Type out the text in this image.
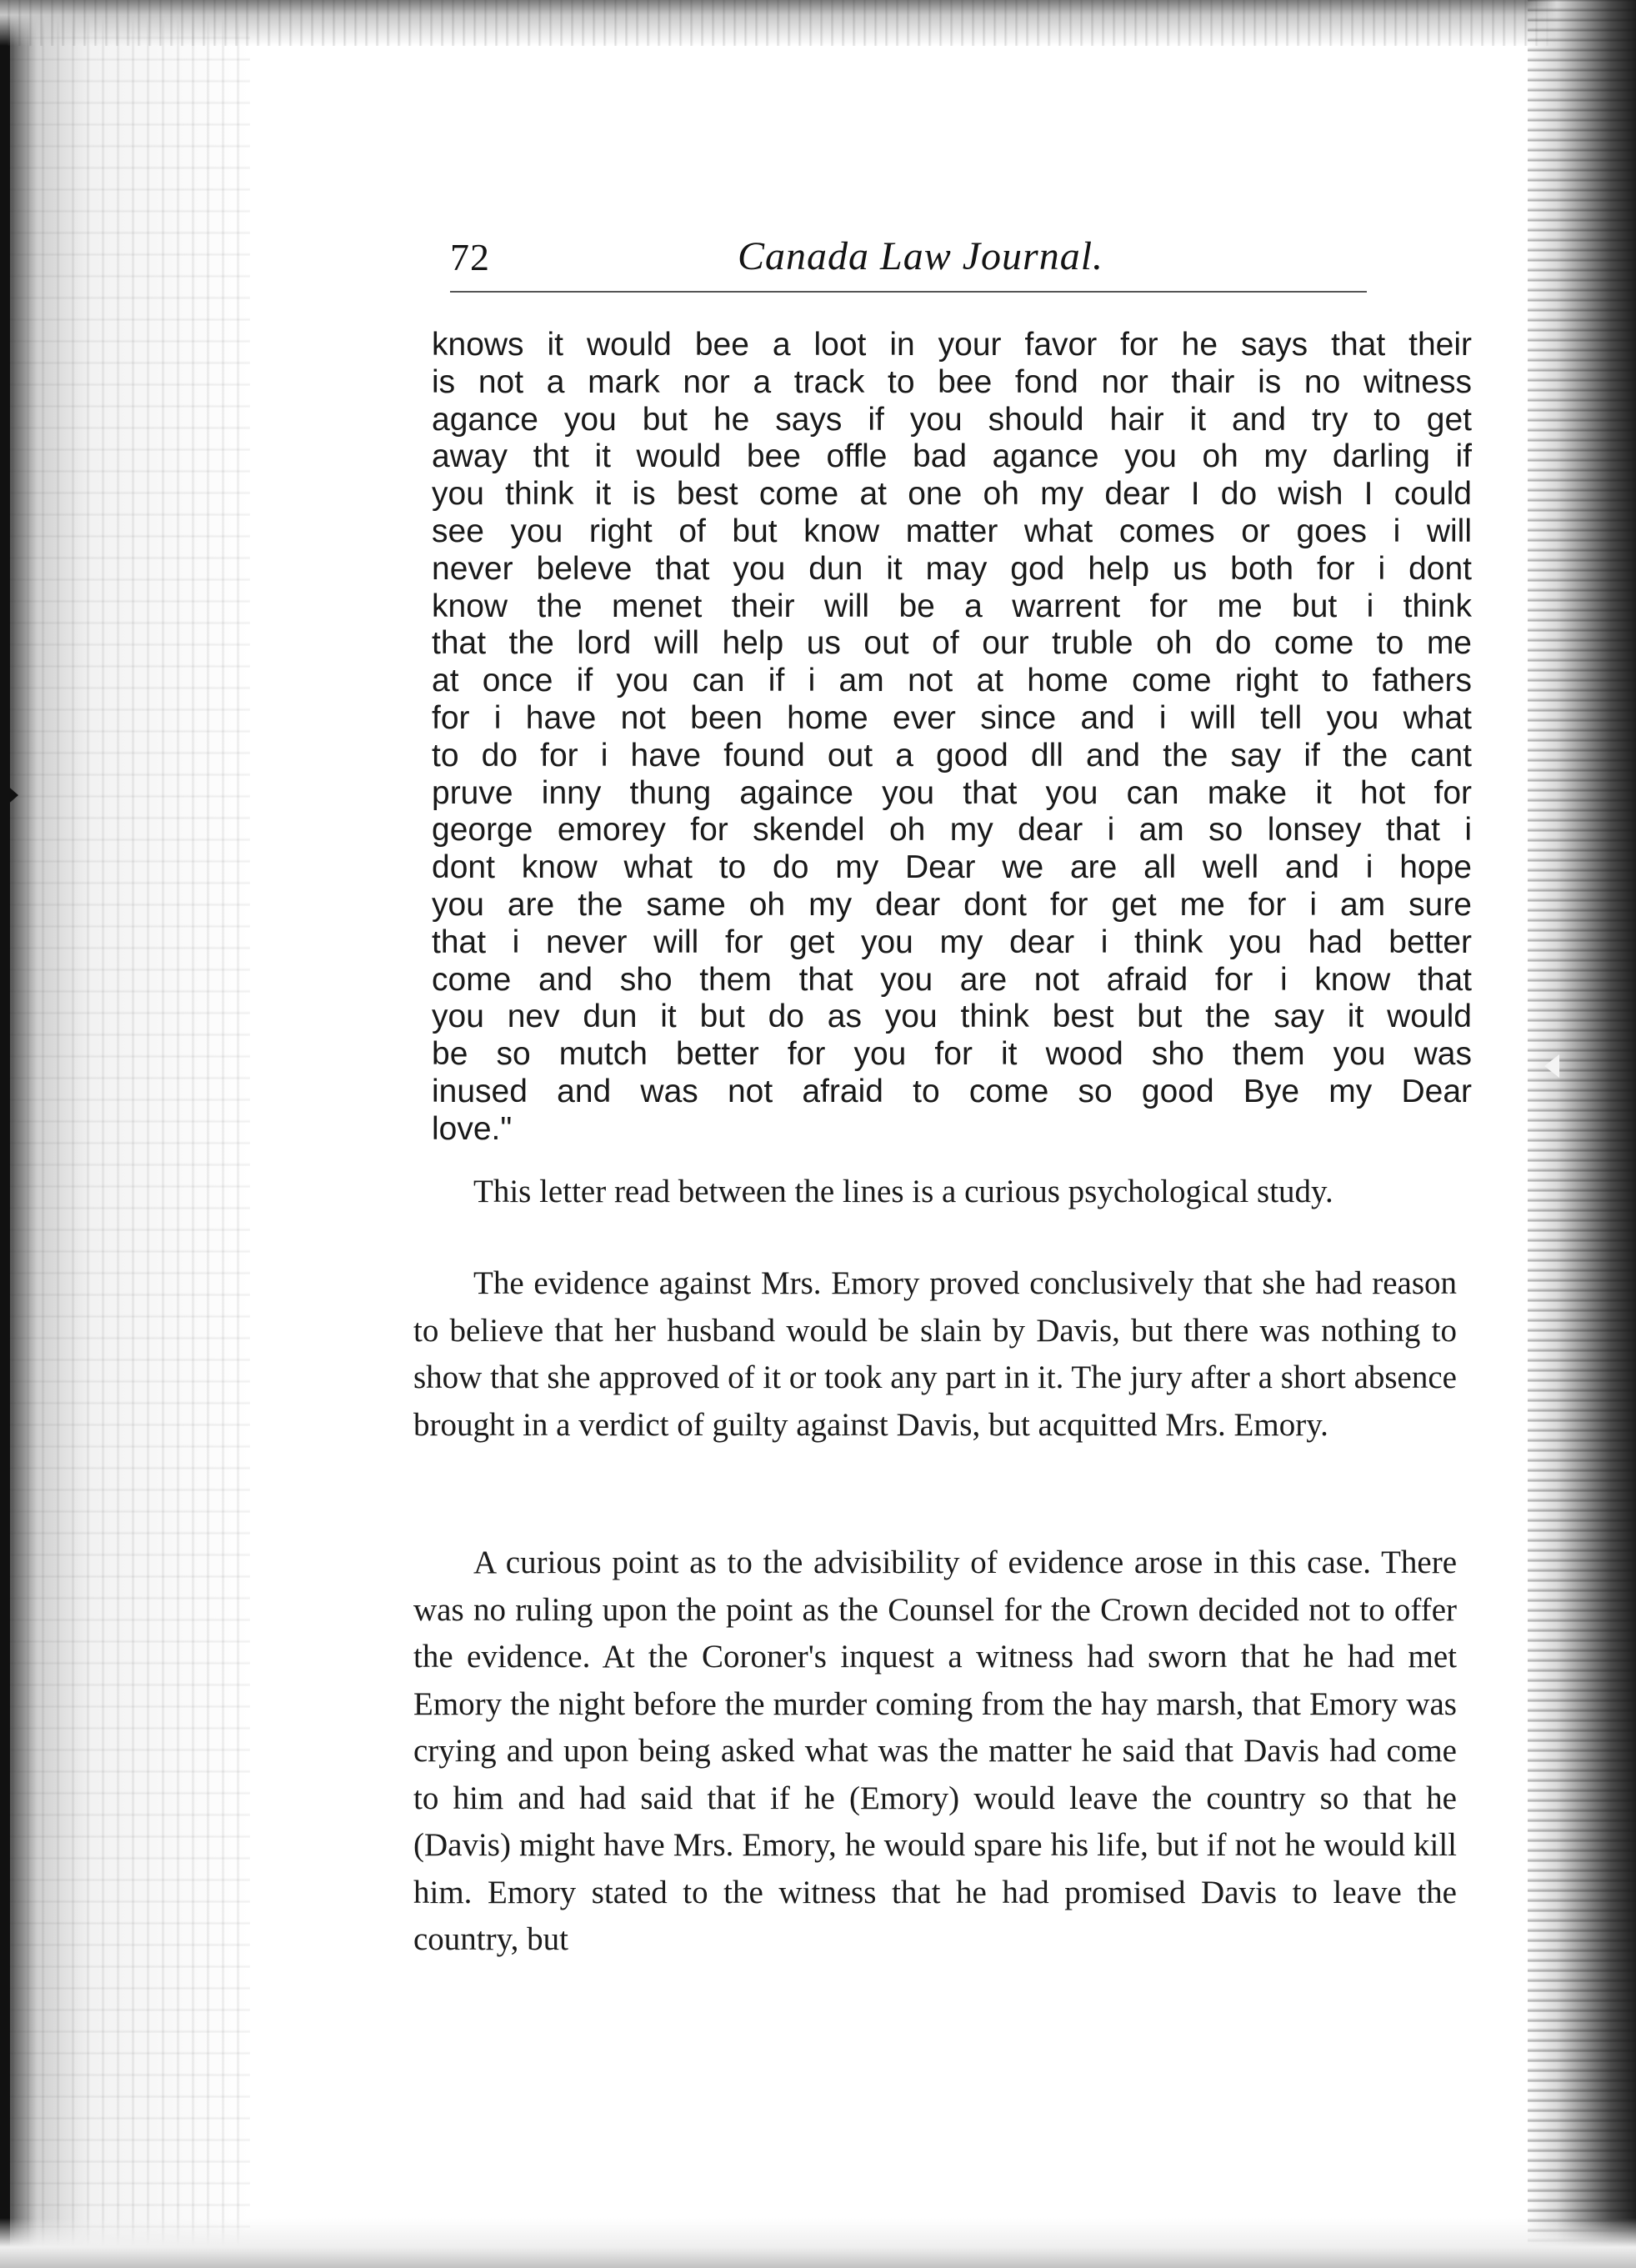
72	Canada Law Journal.
knows it would bee a loot in your favor for he says that their
is not a mark nor a track to bee fond nor thair is no witness
agance you but he says if you should hair it and try to get
away tht it would bee offle bad agance you oh my darling if
you think it is best come at one oh my dear I do wish I could
see you right of but know matter what comes or goes i will
never beleve that you dun it may god help us both for i dont
know the menet their will be a warrent for me but i think
that the lord will help us out of our truble oh do come to me
at once if you can if i am not at home come right to fathers
for i have not been home ever since and i will tell you what
to do for i have found out a good dll and the say if the cant
pruve inny thung againce you that you can make it hot for
george emorey for skendel oh my dear i am so lonsey that i
dont know what to do my Dear we are all well and i hope
you are the same oh my dear dont for get me for i am sure
that i never will for get you my dear i think you had better
come and sho them that you are not afraid for i know that
you nev dun it but do as you think best but the say it would
be so mutch better for you for it wood sho them you was
inused and was not afraid to come so good Bye my Dear
love."

This letter read between the lines is a curious psychological study.

The evidence against Mrs. Emory proved conclusively that she had reason to believe that her husband would be slain by Davis, but there was nothing to show that she approved of it or took any part in it. The jury after a short absence brought in a verdict of guilty against Davis, but acquitted Mrs. Emory.

A curious point as to the advisibility of evidence arose in this case. There was no ruling upon the point as the Counsel for the Crown decided not to offer the evidence. At the Coroner's inquest a witness had sworn that he had met Emory the night before the murder coming from the hay marsh, that Emory was crying and upon being asked what was the matter he said that Davis had come to him and had said that if he (Emory) would leave the country so that he (Davis) might have Mrs. Emory, he would spare his life, but if not he would kill him. Emory stated to the witness that he had promised Davis to leave the country, but
